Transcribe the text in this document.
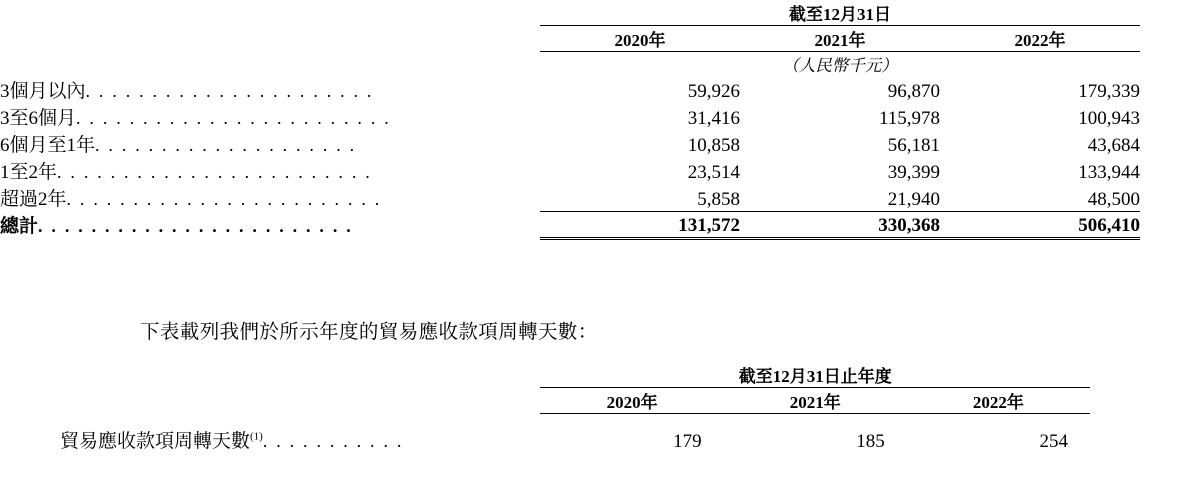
	截至12月31日		
	2020年	2021年	2022年
		（人民幣千元）	
3個月以內. . . . . . . . . . . . . . . . . . . . . .	59,926	96,870	179,339
3至6個月. . . . . . . . . . . . . . . . . . . . . . . .	31,416	115,978	100,943
6個月至1年. . . . . . . . . . . . . . . . . . . .	10,858	56,181	43,684
1至2年. . . . . . . . . . . . . . . . . . . . . . . .	23,514	39,399	133,944
超過2年. . . . . . . . . . . . . . . . . . . . . . . .	5,858	21,940	48,500
總計. . . . . . . . . . . . . . . . . . . . . . . .	131,572	330,368	506,410
下表載列我們於所示年度的貿易應收款項周轉天數：
	截至12月31日止年度		
	2020年	2021年	2022年
貿易應收款項周轉天數$^{(1)}$. . . . . . . . . . .	179	185	254
